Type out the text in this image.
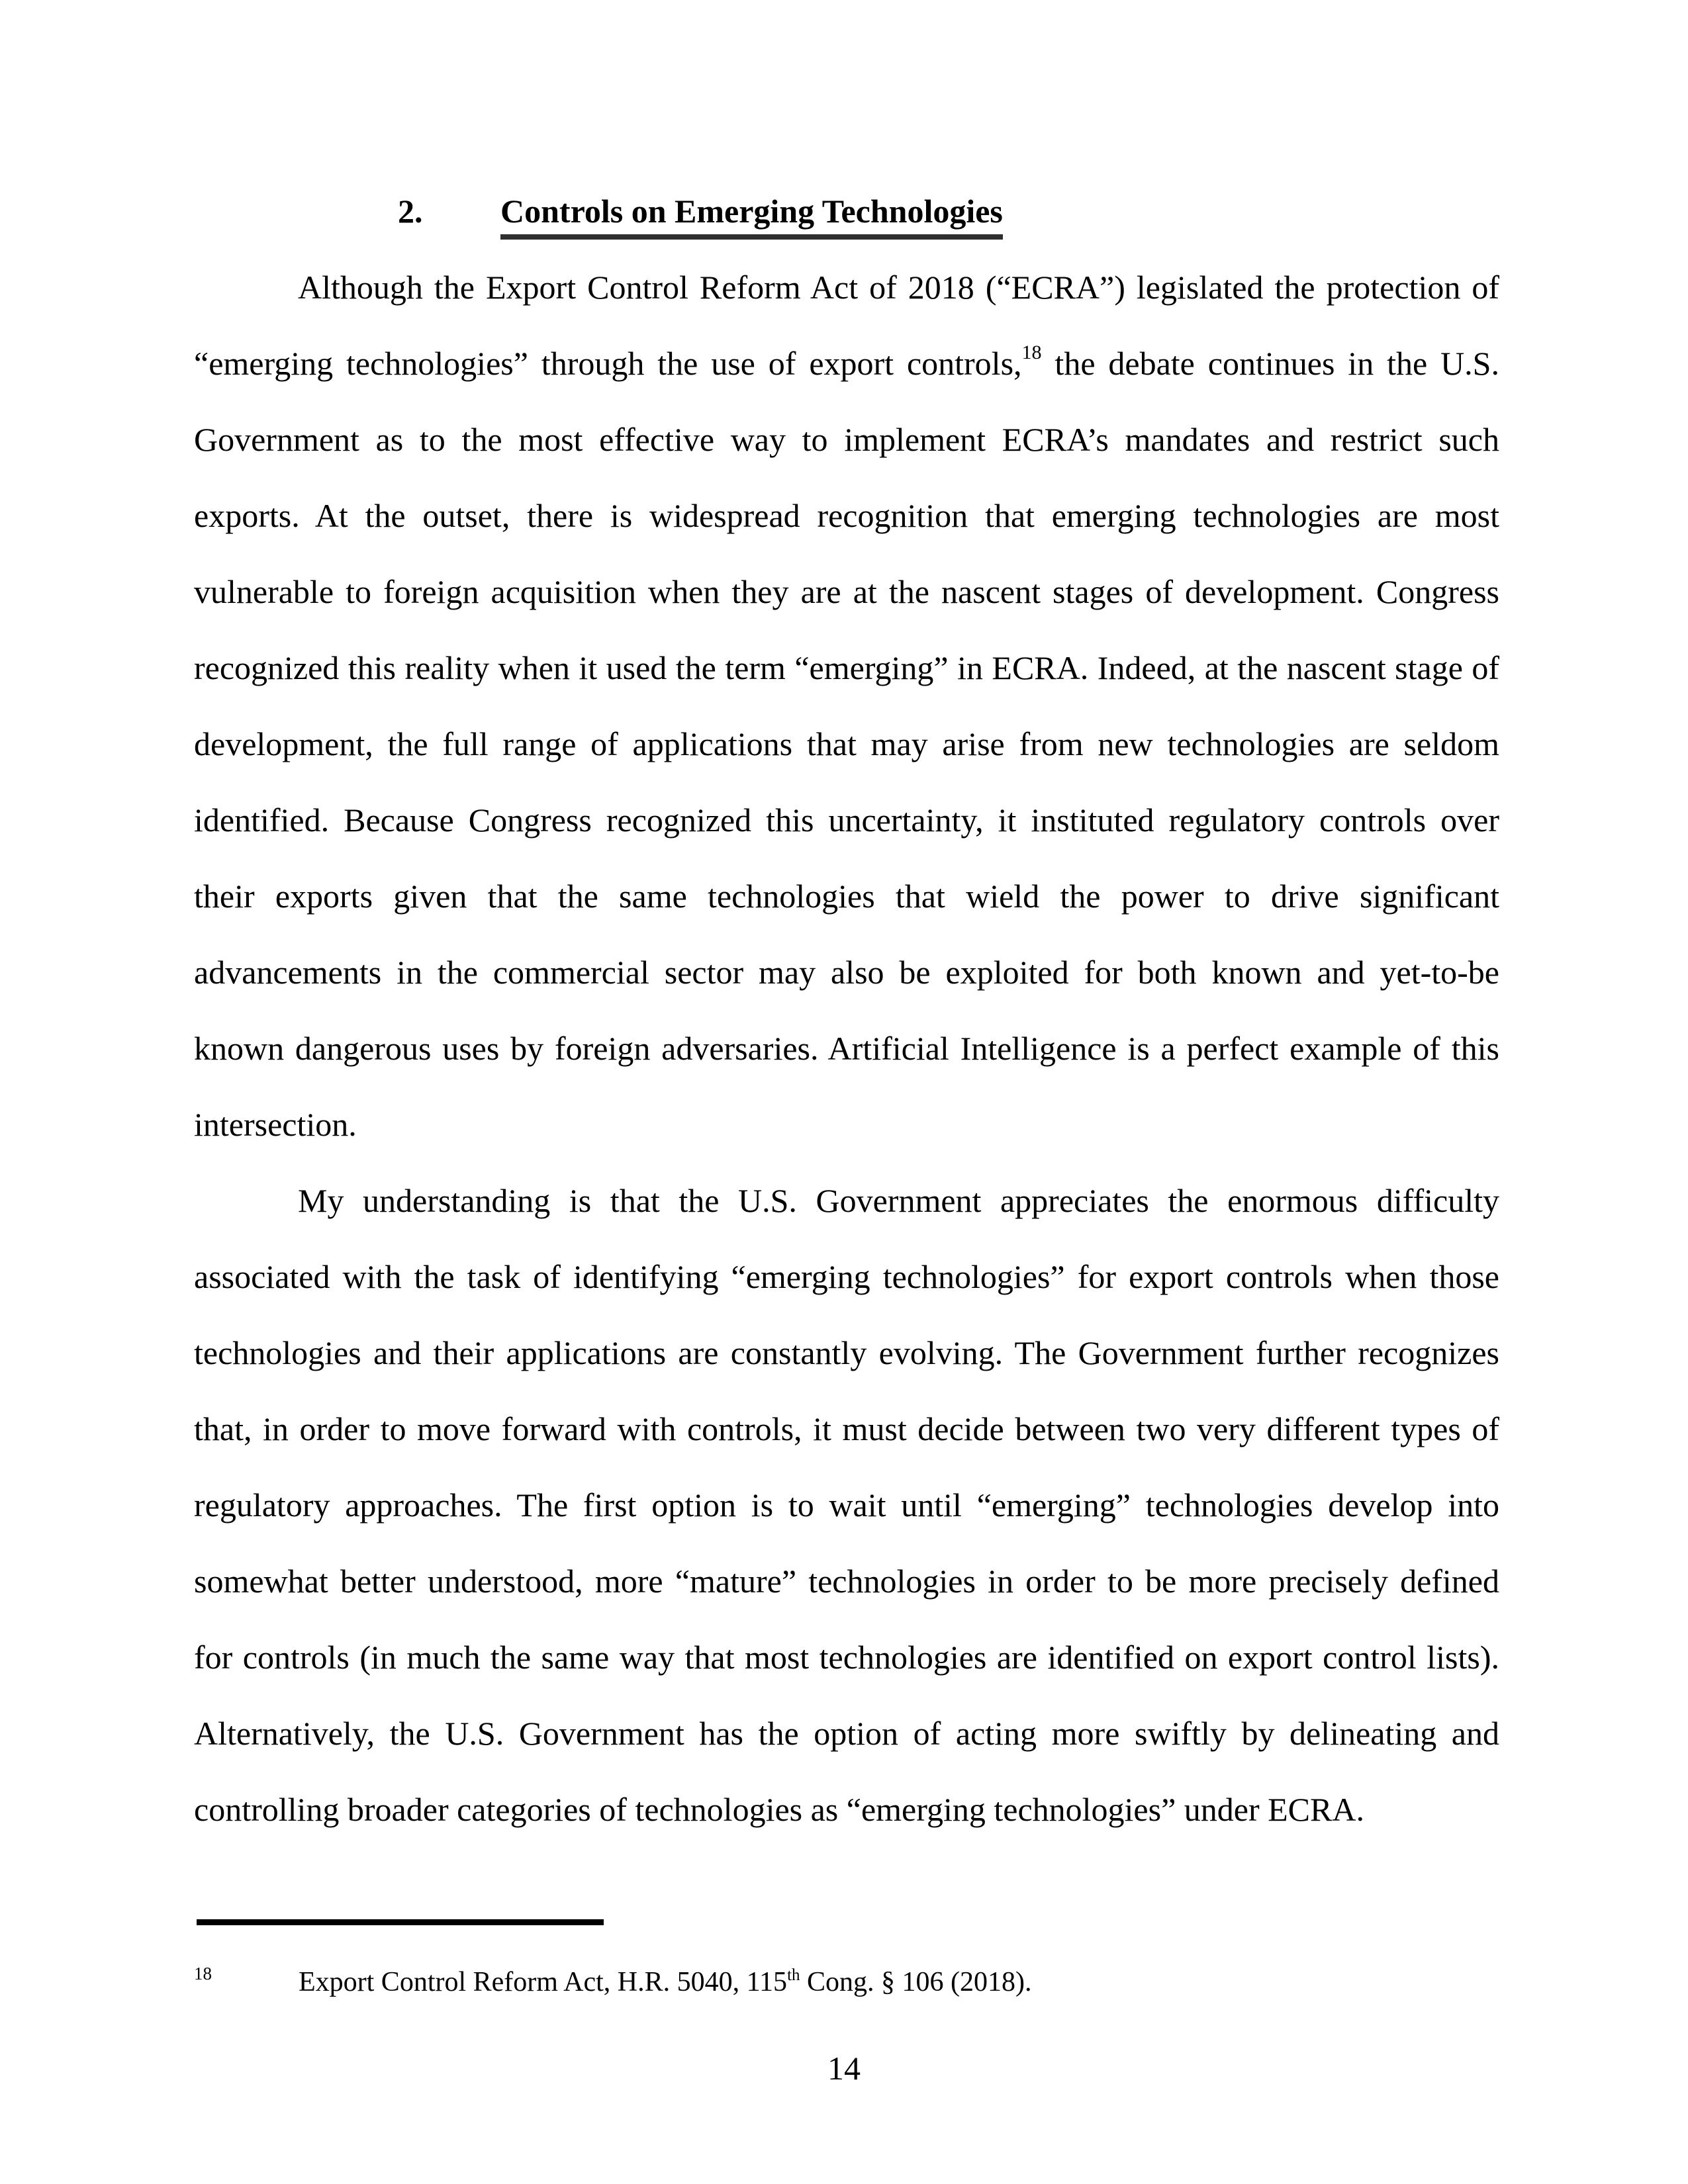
2. Controls on Emerging Technologies

Although the Export Control Reform Act of 2018 (“ECRA”) legislated the protection of “emerging technologies” through the use of export controls,$^{18}$ the debate continues in the U.S. Government as to the most effective way to implement ECRA’s mandates and restrict such exports. At the outset, there is widespread recognition that emerging technologies are most vulnerable to foreign acquisition when they are at the nascent stages of development. Congress recognized this reality when it used the term “emerging” in ECRA. Indeed, at the nascent stage of development, the full range of applications that may arise from new technologies are seldom identified. Because Congress recognized this uncertainty, it instituted regulatory controls over their exports given that the same technologies that wield the power to drive significant advancements in the commercial sector may also be exploited for both known and yet-to-be known dangerous uses by foreign adversaries. Artificial Intelligence is a perfect example of this intersection.

My understanding is that the U.S. Government appreciates the enormous difficulty associated with the task of identifying “emerging technologies” for export controls when those technologies and their applications are constantly evolving. The Government further recognizes that, in order to move forward with controls, it must decide between two very different types of regulatory approaches. The first option is to wait until “emerging” technologies develop into somewhat better understood, more “mature” technologies in order to be more precisely defined for controls (in much the same way that most technologies are identified on export control lists). Alternatively, the U.S. Government has the option of acting more swiftly by delineating and controlling broader categories of technologies as “emerging technologies” under ECRA.

18	Export Control Reform Act, H.R. 5040, 115th Cong. § 106 (2018).
14
